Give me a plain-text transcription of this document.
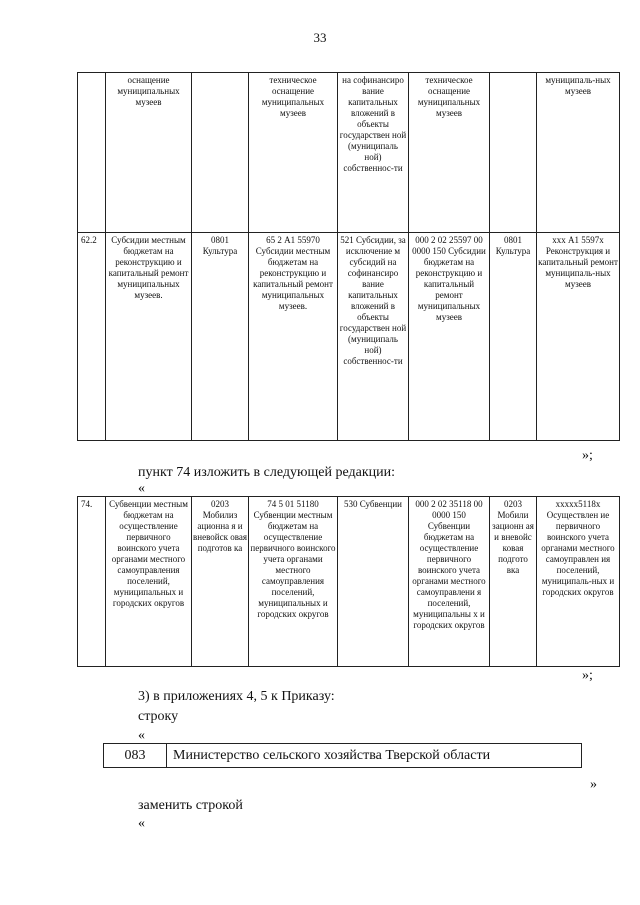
33
	оснащение муниципальных музеев		техническое оснащение муниципальных музеев	на софинансиро вание капитальных вложений в объекты государствен ной (муниципаль ной) собственнос-ти	техническое оснащение муниципальных музеев		муниципаль-ных музеев
62.2	Субсидии местным бюджетам на реконструкцию и капитальный ремонт муниципальных музеев.	0801 Культура	65 2 А1 55970 Субсидии местным бюджетам на реконструкцию и капитальный ремонт муниципальных музеев.	521 Субсидии, за исключение м субсидий на софинансиро вание капитальных вложений в объекты государствен ной (муниципаль ной) собственнос-ти	000 2 02 25597 00 0000 150 Субсидии бюджетам на реконструкцию и капитальный ремонт муниципальных музеев	0801 Культура	ххх А1 5597х Реконструкция и капитальный ремонт муниципаль-ных музеев
»;
пункт 74 изложить в следующей редакции:
«
74.	Субвенции местным бюджетам на осуществление первичного воинского учета органами местного самоуправления поселений, муниципальных и городских округов	0203 Мобилиз ационна я и вневойск овая подготов ка	74 5 01 51180 Субвенции местным бюджетам на осуществление первичного воинского учета органами местного самоуправления поселений, муниципальных и городских округов	530 Субвенции	000 2 02 35118 00 0000 150 Субвенции бюджетам на осуществление первичного воинского учета органами местного самоуправлени я поселений, муниципальны х и городских округов	0203 Мобили зационн ая и вневойс ковая подгото вка	ххххх5118х Осуществлен ие первичного воинского учета органами местного самоуправлен ия поселений, муниципаль-ных и городских округов
»;
3) в приложениях 4, 5 к Приказу:
строку
«
083	Министерство сельского хозяйства Тверской области
»
заменить строкой
«
